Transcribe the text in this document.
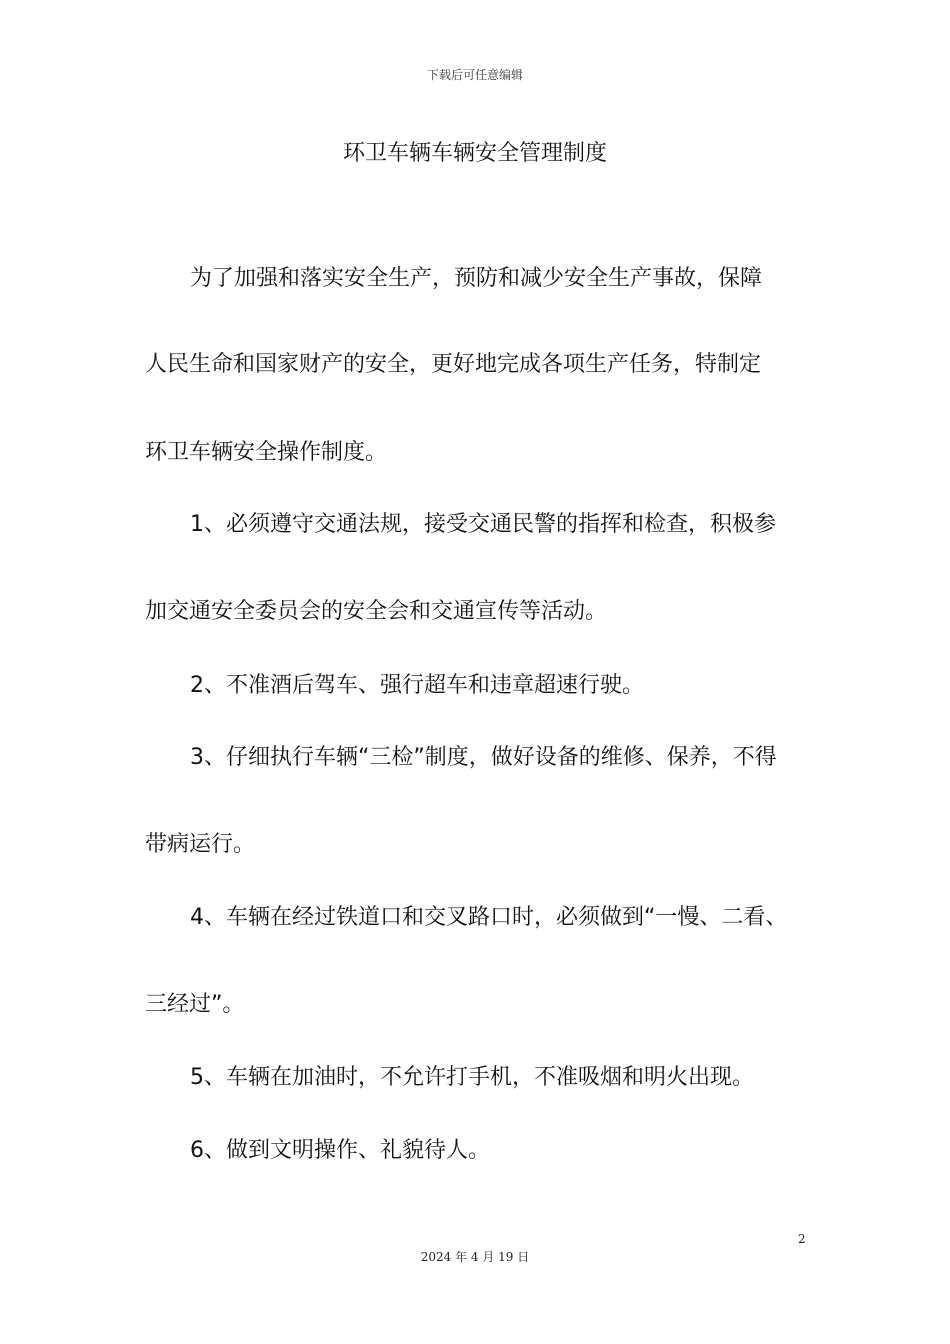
下载后可任意编辑
环卫车辆车辆安全管理制度
为了加强和落实安全生产，预防和减少安全生产事故，保障
人民生命和国家财产的安全，更好地完成各项生产任务，特制定
环卫车辆安全操作制度。
1、必须遵守交通法规，接受交通民警的指挥和检查，积极参
加交通安全委员会的安全会和交通宣传等活动。
2、不准酒后驾车、强行超车和违章超速行驶。
3、仔细执行车辆“三检”制度，做好设备的维修、保养，不得
带病运行。
4、车辆在经过铁道口和交叉路口时，必须做到“一慢、二看、
三经过”。
5、车辆在加油时，不允许打手机，不准吸烟和明火出现。
6、做到文明操作、礼貌待人。
2
2024 年 4 月 19 日
